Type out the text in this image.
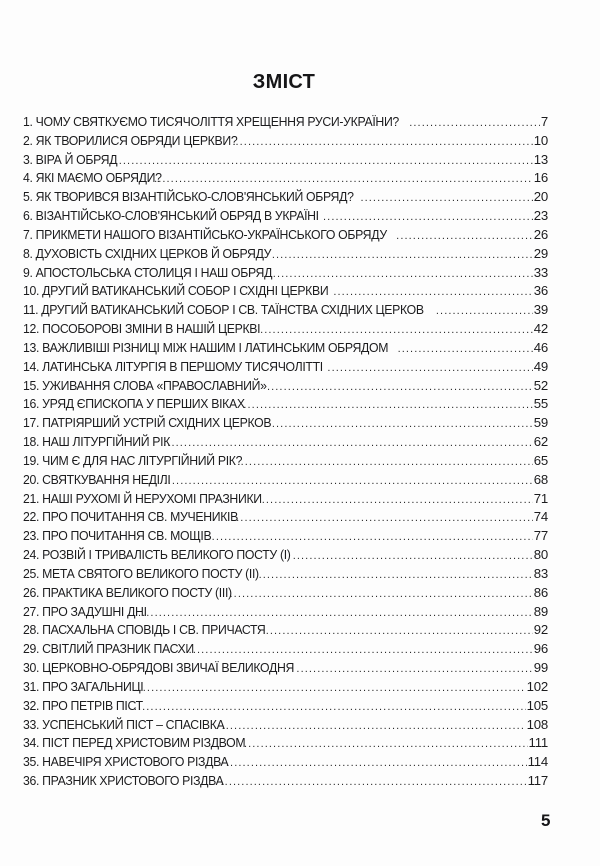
ЗМІСТ
1. ЧОМУ СВЯТКУЄМО ТИСЯЧОЛІТТЯ ХРЕЩЕННЯ РУСИ-УКРАЇНИ? .....	7
2. ЯК ТВОРИЛИСЯ ОБРЯДИ ЦЕРКВИ? .....	10
3. ВІРА Й ОБРЯД .....	13
4. ЯКІ МАЄМО ОБРЯДИ? .....	16
5. ЯК ТВОРИВСЯ ВІЗАНТІЙСЬКО-СЛОВ'ЯНСЬКИЙ ОБРЯД? .....	20
6. ВІЗАНТІЙСЬКО-СЛОВ'ЯНСЬКИЙ ОБРЯД В УКРАЇНІ .....	23
7. ПРИКМЕТИ НАШОГО ВІЗАНТІЙСЬКО-УКРАЇНСЬКОГО ОБРЯДУ .....	26
8. ДУХОВІСТЬ СХІДНИХ ЦЕРКОВ Й ОБРЯДУ .....	29
9. АПОСТОЛЬСЬКА СТОЛИЦЯ І НАШ ОБРЯД .....	33
10. ДРУГИЙ ВАТИКАНСЬКИЙ СОБОР І СХІДНІ ЦЕРКВИ .....	36
11. ДРУГИЙ ВАТИКАНСЬКИЙ СОБОР І СВ. ТАЇНСТВА СХІДНИХ ЦЕРКОВ .....	39
12. ПОСОБОРОВІ ЗМІНИ В НАШІЙ ЦЕРКВІ .....	42
13. ВАЖЛИВІШІ РІЗНИЦІ МІЖ НАШИМ І ЛАТИНСЬКИМ ОБРЯДОМ .....	46
14. ЛАТИНСЬКА ЛІТУРГІЯ В ПЕРШОМУ ТИСЯЧОЛІТТІ .....	49
15. УЖИВАННЯ СЛОВА «ПРАВОСЛАВНИЙ» .....	52
16. УРЯД ЄПИСКОПА У ПЕРШИХ ВІКАХ .....	55
17. ПАТРІЯРШИЙ УСТРІЙ СХІДНИХ ЦЕРКОВ .....	59
18. НАШ ЛІТУРГІЙНИЙ РІК .....	62
19. ЧИМ Є ДЛЯ НАС ЛІТУРГІЙНИЙ РІК? .....	65
20. СВЯТКУВАННЯ НЕДІЛІ .....	68
21. НАШІ РУХОМІ Й НЕРУХОМІ ПРАЗНИКИ .....	71
22. ПРО ПОЧИТАННЯ СВ. МУЧЕНИКІВ .....	74
23. ПРО ПОЧИТАННЯ СВ. МОЩІВ .....	77
24. РОЗВІЙ І ТРИВАЛІСТЬ ВЕЛИКОГО ПОСТУ (І) .....	80
25. МЕТА СВЯТОГО ВЕЛИКОГО ПОСТУ (ІІ) .....	83
26. ПРАКТИКА ВЕЛИКОГО ПОСТУ (ІІІ) .....	86
27. ПРО ЗАДУШНІ ДНІ .....	89
28. ПАСХАЛЬНА СПОВІДЬ І СВ. ПРИЧАСТЯ .....	92
29. СВІТЛИЙ ПРАЗНИК ПАСХИ .....	96
30. ЦЕРКОВНО-ОБРЯДОВІ ЗВИЧАЇ ВЕЛИКОДНЯ .....	99
31. ПРО ЗАГАЛЬНИЦІ .....	102
32. ПРО ПЕТРІВ ПІСТ .....	105
33. УСПЕНСЬКИЙ ПІСТ – СПАСІВКА .....	108
34. ПІСТ ПЕРЕД ХРИСТОВИМ РІЗДВОМ .....	111
35. НАВЕЧІРЯ ХРИСТОВОГО РІЗДВА .....	114
36. ПРАЗНИК ХРИСТОВОГО РІЗДВА .....	117
5
